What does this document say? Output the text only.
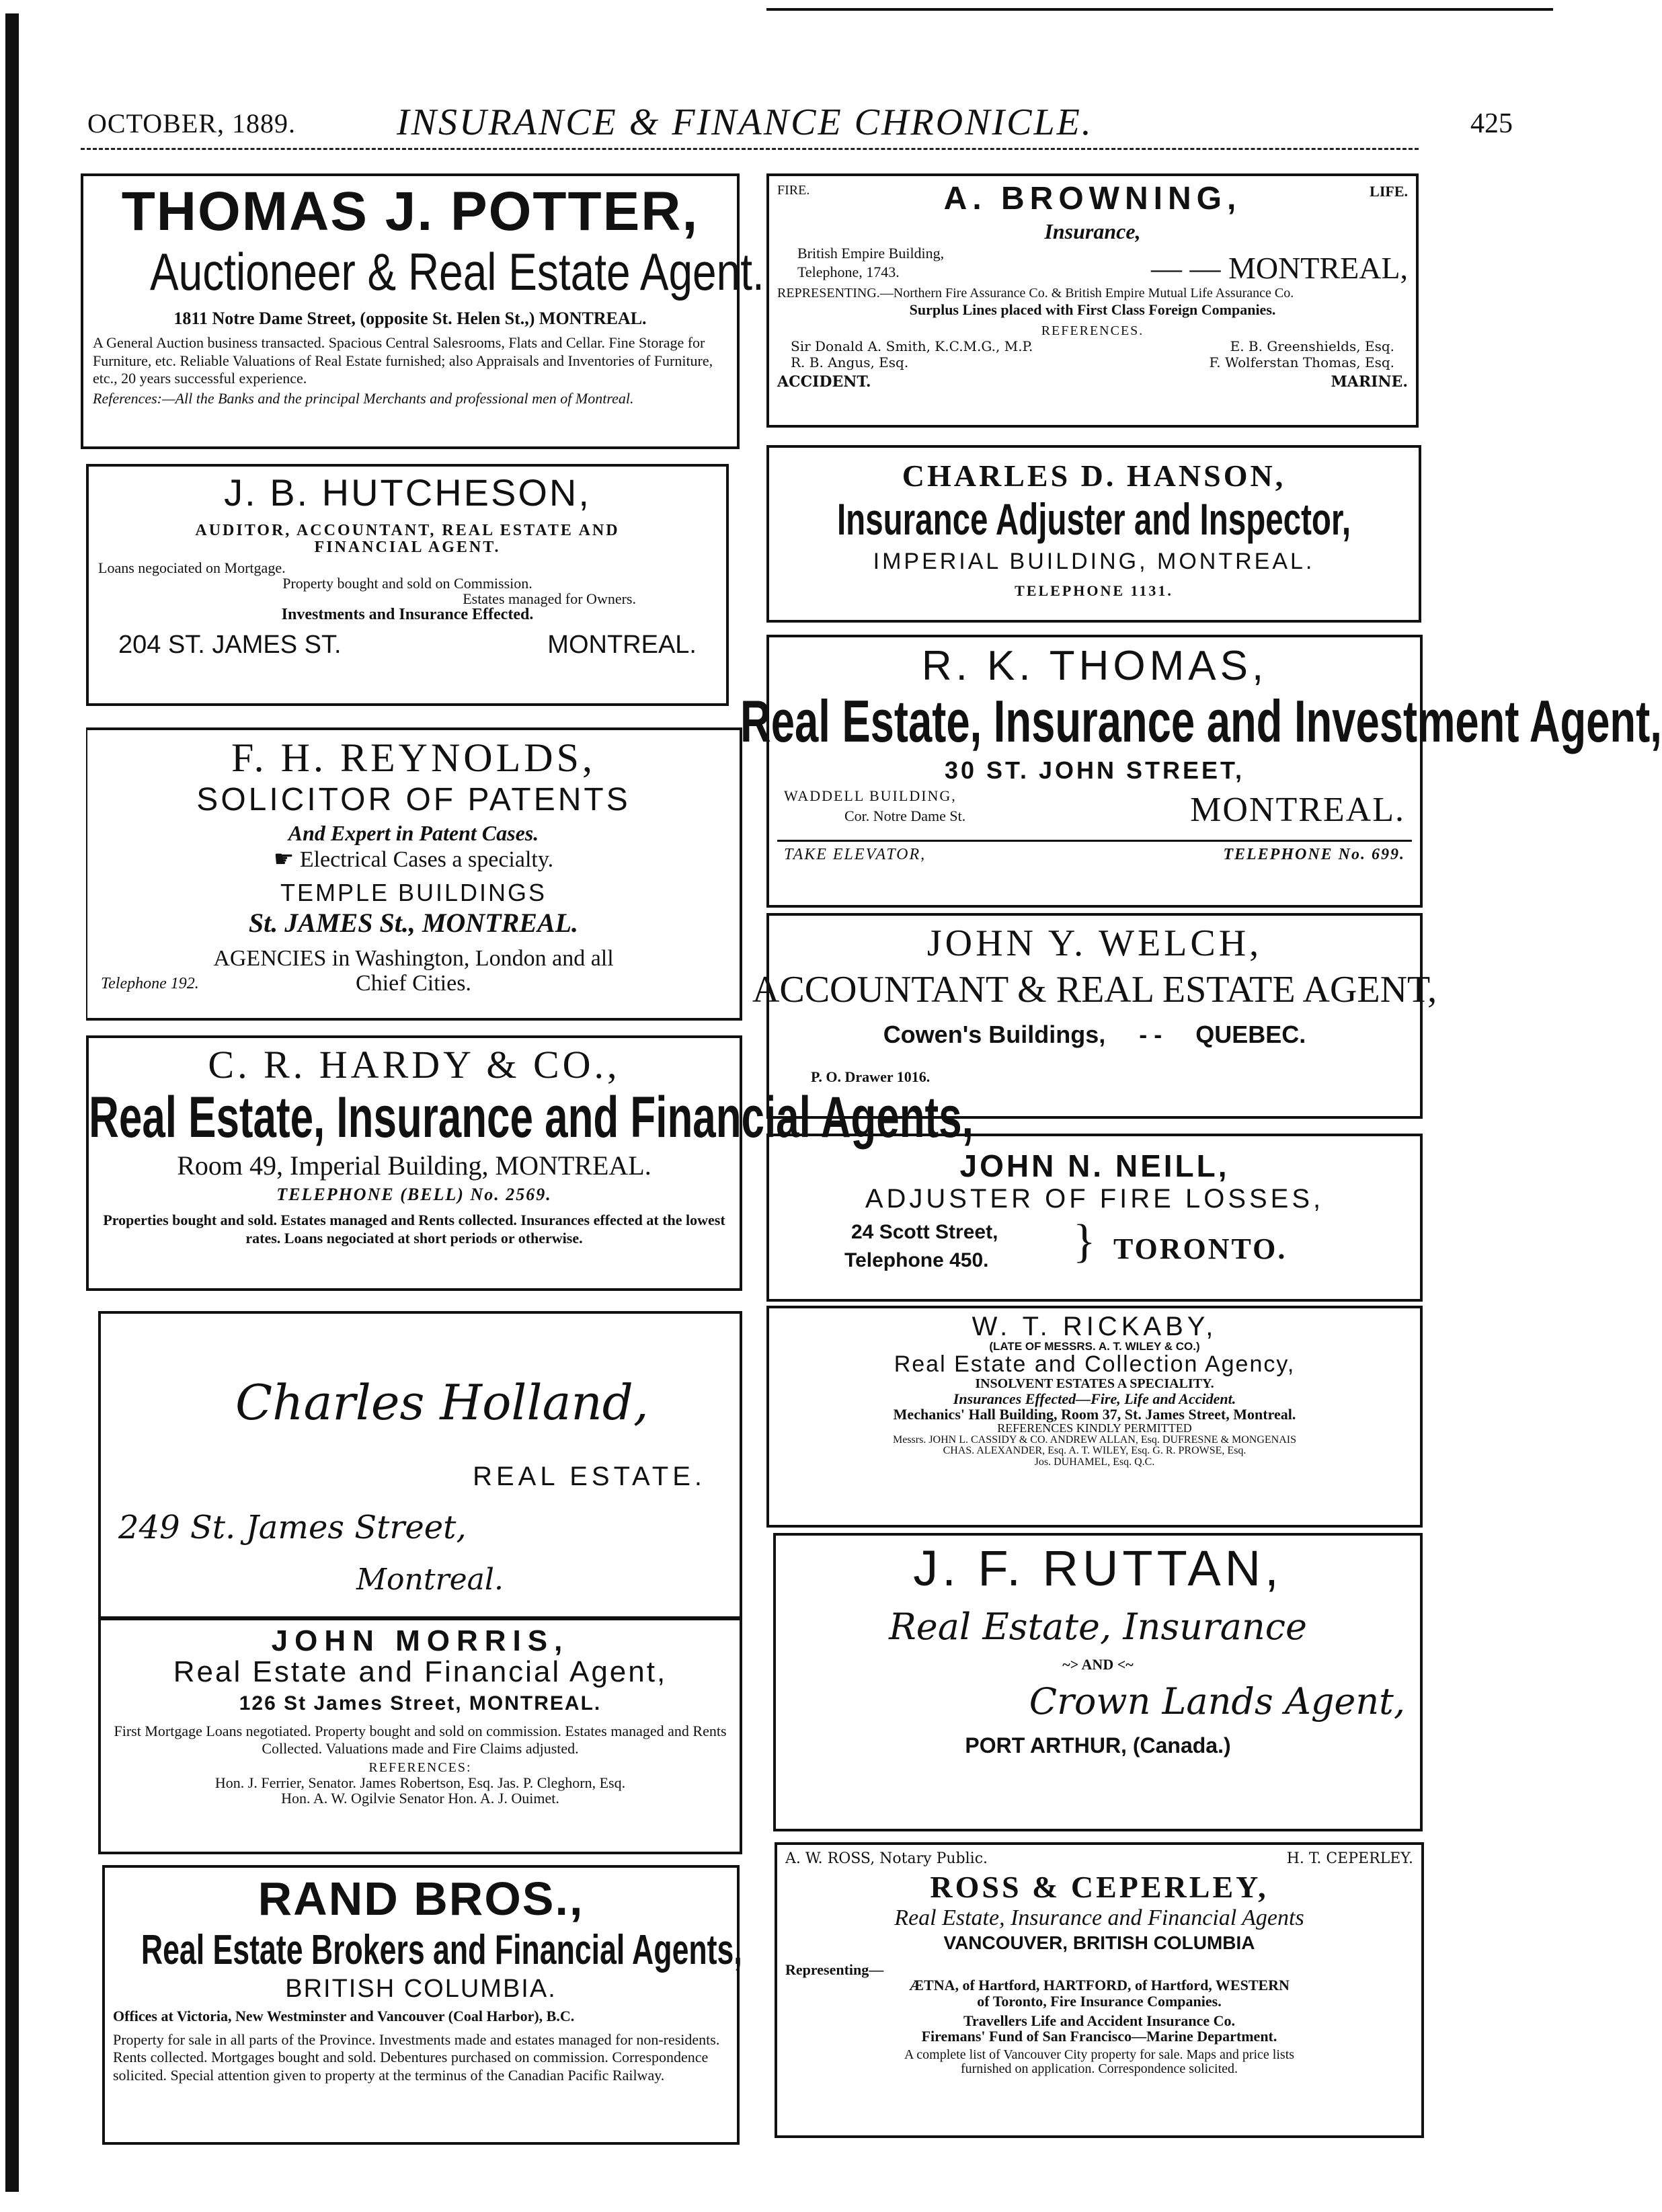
OCTOBER, 1889.	INSURANCE & FINANCE CHRONICLE.	425
THOMAS J. POTTER,
Auctioneer & Real Estate Agent.
1811 Notre Dame Street, (opposite St. Helen St.,) MONTREAL.
A General Auction business transacted. Spacious Central Salesrooms, Flats and Cellar. Fine Storage for Furniture, etc. Reliable Valuations of Real Estate furnished; also Appraisals and Inventories of Furniture, etc., 20 years successful experience.
References:—All the Banks and the principal Merchants and professional men of Montreal.
J. B. HUTCHESON,
AUDITOR, ACCOUNTANT, REAL ESTATE AND
FINANCIAL AGENT.
Loans negociated on Mortgage.
Property bought and sold on Commission.
Estates managed for Owners.
Investments and Insurance Effected.
204 ST. JAMES ST.	MONTREAL.
F. H. REYNOLDS,
SOLICITOR OF PATENTS
And Expert in Patent Cases.
☛ Electrical Cases a specialty.
TEMPLE BUILDINGS
St. JAMES St., MONTREAL.
AGENCIES in Washington, London and all
Telephone 192.	Chief Cities.
C. R. HARDY & CO.,
Real Estate, Insurance and Financial Agents,
Room 49, Imperial Building, MONTREAL.
TELEPHONE (BELL) No. 2569.
Properties bought and sold. Estates managed and Rents collected. Insurances effected at the lowest rates. Loans negociated at short periods or otherwise.
Charles Holland,
REAL ESTATE.
249 St. James Street,
Montreal.
JOHN MORRIS,
Real Estate and Financial Agent,
126 St James Street, MONTREAL.
First Mortgage Loans negotiated. Property bought and sold on commission. Estates managed and Rents Collected. Valuations made and Fire Claims adjusted.
REFERENCES:
Hon. J. Ferrier, Senator. James Robertson, Esq. Jas. P. Cleghorn, Esq.
Hon. A. W. Ogilvie Senator Hon. A. J. Ouimet.
RAND BROS.,
Real Estate Brokers and Financial Agents,
BRITISH COLUMBIA.
Offices at Victoria, New Westminster and Vancouver (Coal Harbor), B.C.
Property for sale in all parts of the Province. Investments made and estates managed for non-residents. Rents collected. Mortgages bought and sold. Debentures purchased on commission. Correspondence solicited. Special attention given to property at the terminus of the Canadian Pacific Railway.
FIRE.	A. BROWNING,	LIFE.
Insurance,
British Empire Building,
Telephone, 1743.	— — MONTREAL,
REPRESENTING.—Northern Fire Assurance Co. & British Empire Mutual Life Assurance Co.
Surplus Lines placed with First Class Foreign Companies.
REFERENCES.
Sir Donald A. Smith, K.C.M.G., M.P.	E. B. Greenshields, Esq.
R. B. Angus, Esq.	F. Wolferstan Thomas, Esq.
ACCIDENT.	MARINE.
CHARLES D. HANSON,
Insurance Adjuster and Inspector,
IMPERIAL BUILDING, MONTREAL.
TELEPHONE 1131.
R. K. THOMAS,
Real Estate, Insurance and Investment Agent,
30 ST. JOHN STREET,
WADDELL BUILDING,
Cor. Notre Dame St.	MONTREAL.
TAKE ELEVATOR,	TELEPHONE No. 699.
JOHN Y. WELCH,
ACCOUNTANT & REAL ESTATE AGENT,
Cowen's Buildings, - - QUEBEC.
P. O. Drawer 1016.
JOHN N. NEILL,
ADJUSTER OF FIRE LOSSES,
24 Scott Street,
Telephone 450. } TORONTO.
W. T. RICKABY,
(LATE OF MESSRS. A. T. WILEY & CO.)
Real Estate and Collection Agency,
INSOLVENT ESTATES A SPECIALITY.
Insurances Effected—Fire, Life and Accident.
Mechanics' Hall Building, Room 37, St. James Street, Montreal.
REFERENCES KINDLY PERMITTED
Messrs. JOHN L. CASSIDY & CO. ANDREW ALLAN, Esq. DUFRESNE & MONGENAIS
CHAS. ALEXANDER, Esq. A. T. WILEY, Esq. G. R. PROWSE, Esq.
Jos. DUHAMEL, Esq. Q.C.
J. F. RUTTAN,
Real Estate, Insurance
~> AND <~
Crown Lands Agent,
PORT ARTHUR, (Canada.)
A. W. ROSS, Notary Public.	H. T. CEPERLEY.
ROSS & CEPERLEY,
Real Estate, Insurance and Financial Agents
VANCOUVER, BRITISH COLUMBIA
Representing—
ÆTNA, of Hartford, HARTFORD, of Hartford, WESTERN
of Toronto, Fire Insurance Companies.
Travellers Life and Accident Insurance Co.
Firemans' Fund of San Francisco—Marine Department.
A complete list of Vancouver City property for sale. Maps and price lists
furnished on application. Correspondence solicited.
